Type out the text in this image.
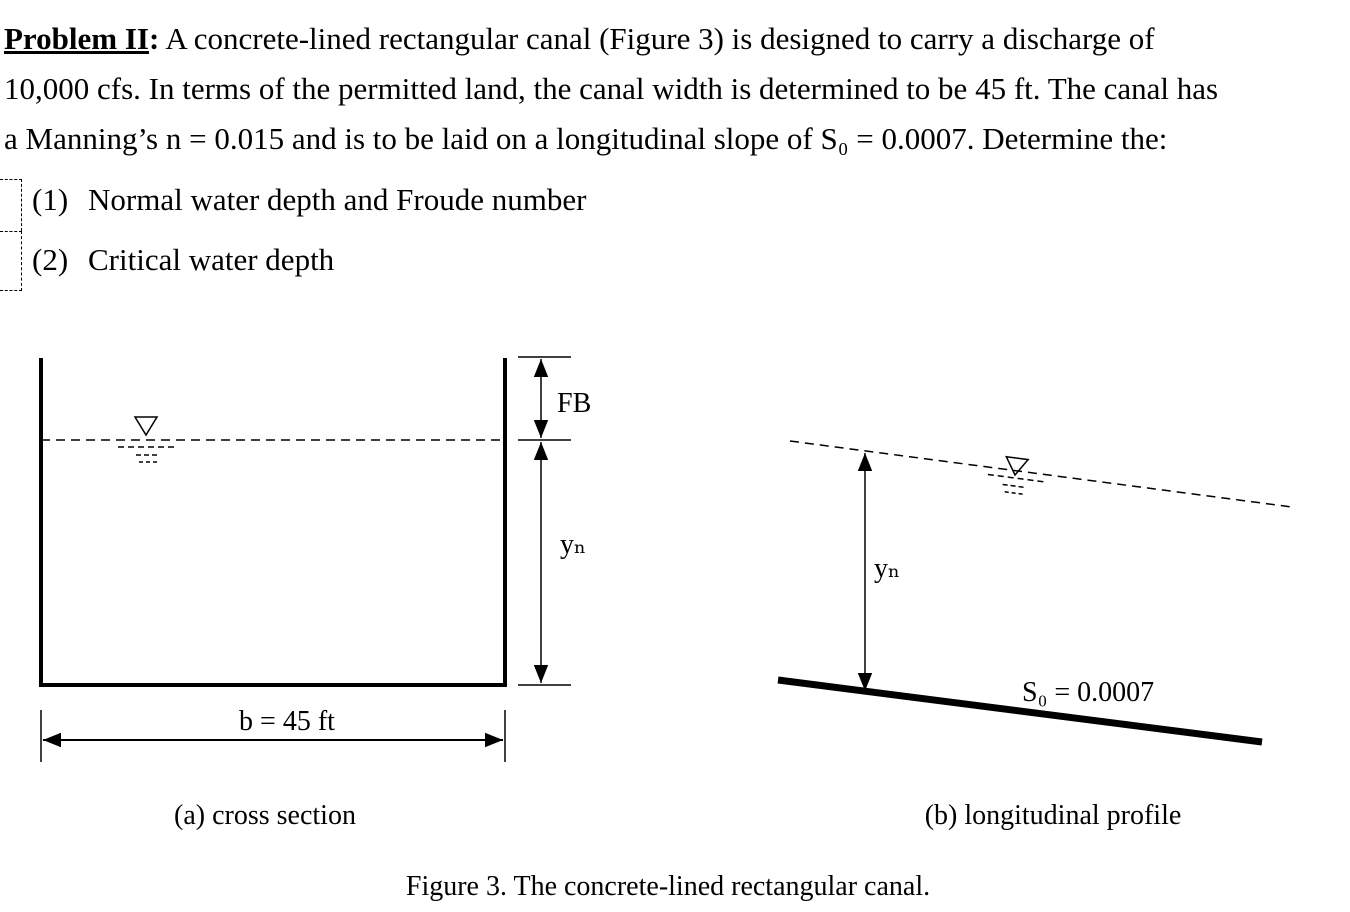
Problem II: A concrete-lined rectangular canal (Figure 3) is designed to carry a discharge of
10,000 cfs. In terms of the permitted land, the canal width is determined to be 45 ft. The canal has
a Manning’s n = 0.015 and is to be laid on a longitudinal slope of S₀ = 0.0007. Determine the:
(1) Normal water depth and Froude number
(2) Critical water depth
FB
yₙ
b = 45 ft
(a) cross section
yₙ
S₀ = 0.0007
(b) longitudinal profile
Figure 3. The concrete-lined rectangular canal.
